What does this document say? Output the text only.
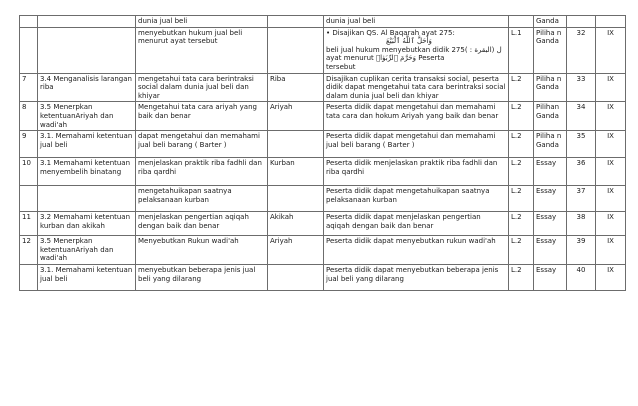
		dunia jual beli		dunia jual beli		Ganda		
		menyebutkan hukum jual beli menurut ayat tersebut		• Disajikan QS. Al Baqarah ayat 275:
وَأَحَلَّ ٱللَّهُ ٱلْبَيْعَ
beli jual hukum menyebutkan didik 275( : البقرة) ل
ayat menurut وَحَرَّمَ ٱلرِّبَوٰا۟ Peserta
tersebut	L.1	Piliha n Ganda	32	IX
7	3.4 Menganalisis larangan riba	mengetahui tata cara berintraksi social dalam dunia jual beli dan khiyar	Riba	Disajikan cuplikan cerita transaksi social, peserta didik dapat mengetahui tata cara berintraksi social dalam dunia jual beli dan khiyar	L.2	Piliha n Ganda	33	IX
8	3.5 Menerpkan ketentuanAriyah dan wadi'ah	Mengetahui tata cara ariyah yang baik dan benar	Ariyah	Peserta didik dapat mengetahui dan memahami tata cara dan hokum Ariyah yang baik dan benar	L.2	Pilihan Ganda	34	IX
9	3.1. Memahami ketentuan jual beli	dapat mengetahui dan memahami jual beli barang ( Barter )		Peserta didik dapat mengetahui dan memahami jual beli barang ( Barter )	L.2	Piliha n Ganda	35	IX
10	3.1 Memahami ketentuan menyembelih binatang	menjelaskan praktik riba fadhli dan riba qardhi	Kurban	Peserta didik menjelaskan praktik riba fadhli dan riba qardhi	L.2	Essay	36	IX
		mengetahuikapan saatnya pelaksanaan kurban		Peserta didik dapat mengetahuikapan saatnya pelaksanaan kurban	L.2	Essay	37	IX
11	3.2 Memahami ketentuan kurban dan akikah	menjelaskan pengertian aqiqah dengan baik dan benar	Akikah	Peserta didik dapat menjelaskan pengertian aqiqah dengan baik dan benar	L.2	Essay	38	IX
12	3.5 Menerpkan ketentuanAriyah dan wadi'ah	Menyebutkan Rukun wadi'ah	Ariyah	Peserta didik dapat menyebutkan rukun wadi'ah	L.2	Essay	39	IX
	3.1. Memahami ketentuan jual beli	menyebutkan beberapa jenis jual beli yang dilarang		Peserta didik dapat menyebutkan beberapa jenis jual beli yang dilarang	L.2	Essay	40	IX
